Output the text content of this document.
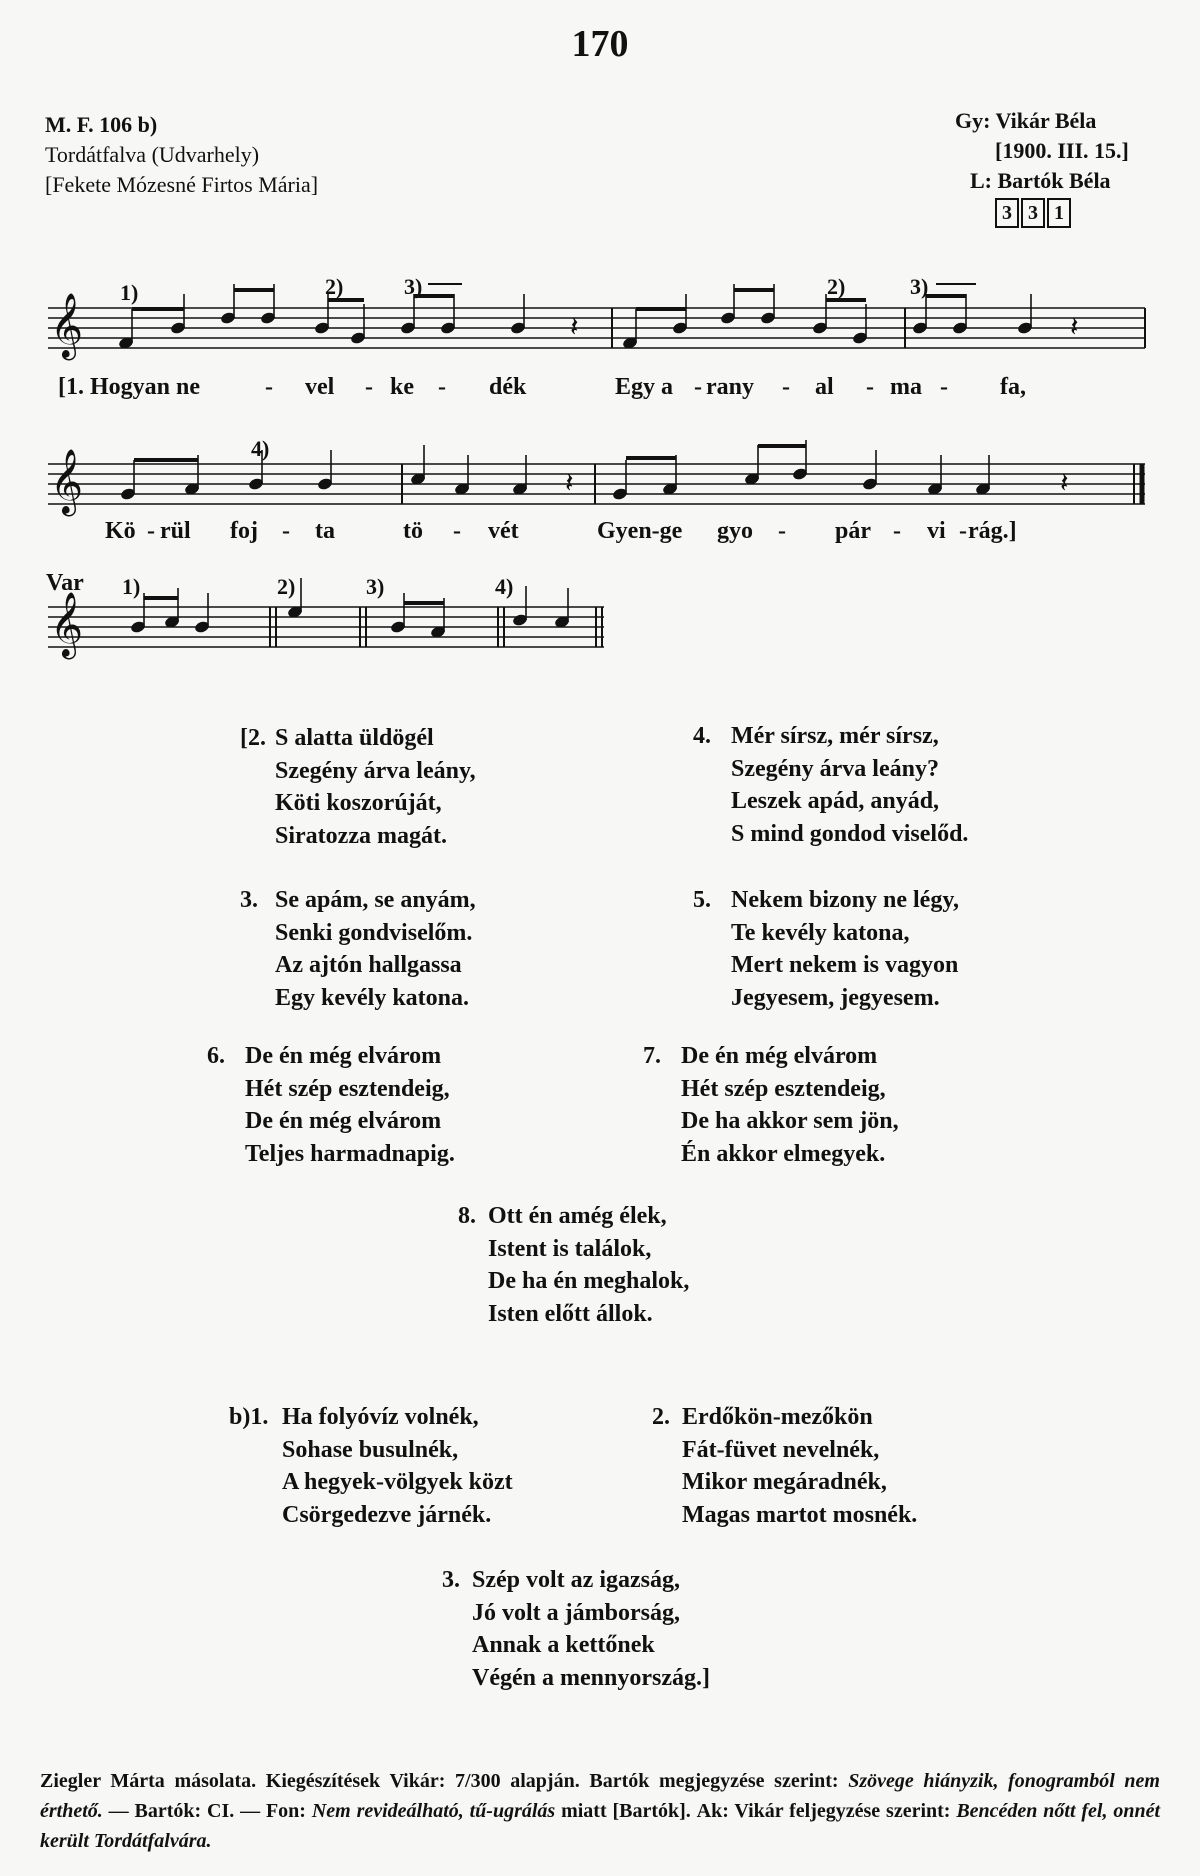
170
M. F. 106 b)
Tordátfalva (Udvarhely)
[Fekete Mózesné Firtos Mária]
Gy: Vikár Béla
[1900. III. 15.]
L: Bartók Béla
3 3 1
𝄞
𝄞
𝄞
𝄽	𝄽
𝄽	𝄽
1)	2)	3)	2)	3)
4)
Var 1)	2)	3)	4)
[1. Hogyan ne	- vel - ke - dék	Egy a - rany - al - ma - fa,
Kö - rül foj - ta	tö - vét	Gyen-ge gyo - pár - vi - rág.]
[2. S alatta üldögél
Szegény árva leány,
Köti koszorúját,
Siratozza magát.
4. Mér sírsz, mér sírsz,
Szegény árva leány?
Leszek apád, anyád,
S mind gondod viselőd.
3. Se apám, se anyám,
Senki gondviselőm.
Az ajtón hallgassa
Egy kevély katona.
5. Nekem bizony ne légy,
Te kevély katona,
Mert nekem is vagyon
Jegyesem, jegyesem.
6. De én még elvárom
Hét szép esztendeig,
De én még elvárom
Teljes harmadnapig.
7. De én még elvárom
Hét szép esztendeig,
De ha akkor sem jön,
Én akkor elmegyek.
8. Ott én amég élek,
Istent is találok,
De ha én meghalok,
Isten előtt állok.
b)1. Ha folyóvíz volnék,
Sohase busulnék,
A hegyek-völgyek közt
Csörgedezve járnék.
2. Erdőkön-mezőkön
Fát-füvet nevelnék,
Mikor megáradnék,
Magas martot mosnék.
3. Szép volt az igazság,
Jó volt a jámborság,
Annak a kettőnek
Végén a mennyország.]
Ziegler Márta másolata. Kiegészítések Vikár: 7/300 alapján. Bartók megjegyzése szerint: Szövege hiányzik, fonogramból nem érthető. — Bartók: CI. — Fon: Nem revideálható, tű-ugrálás miatt [Bartók]. Ak: Vikár feljegyzése szerint: Bencéden nőtt fel, onnét került Tordátfalvára.
